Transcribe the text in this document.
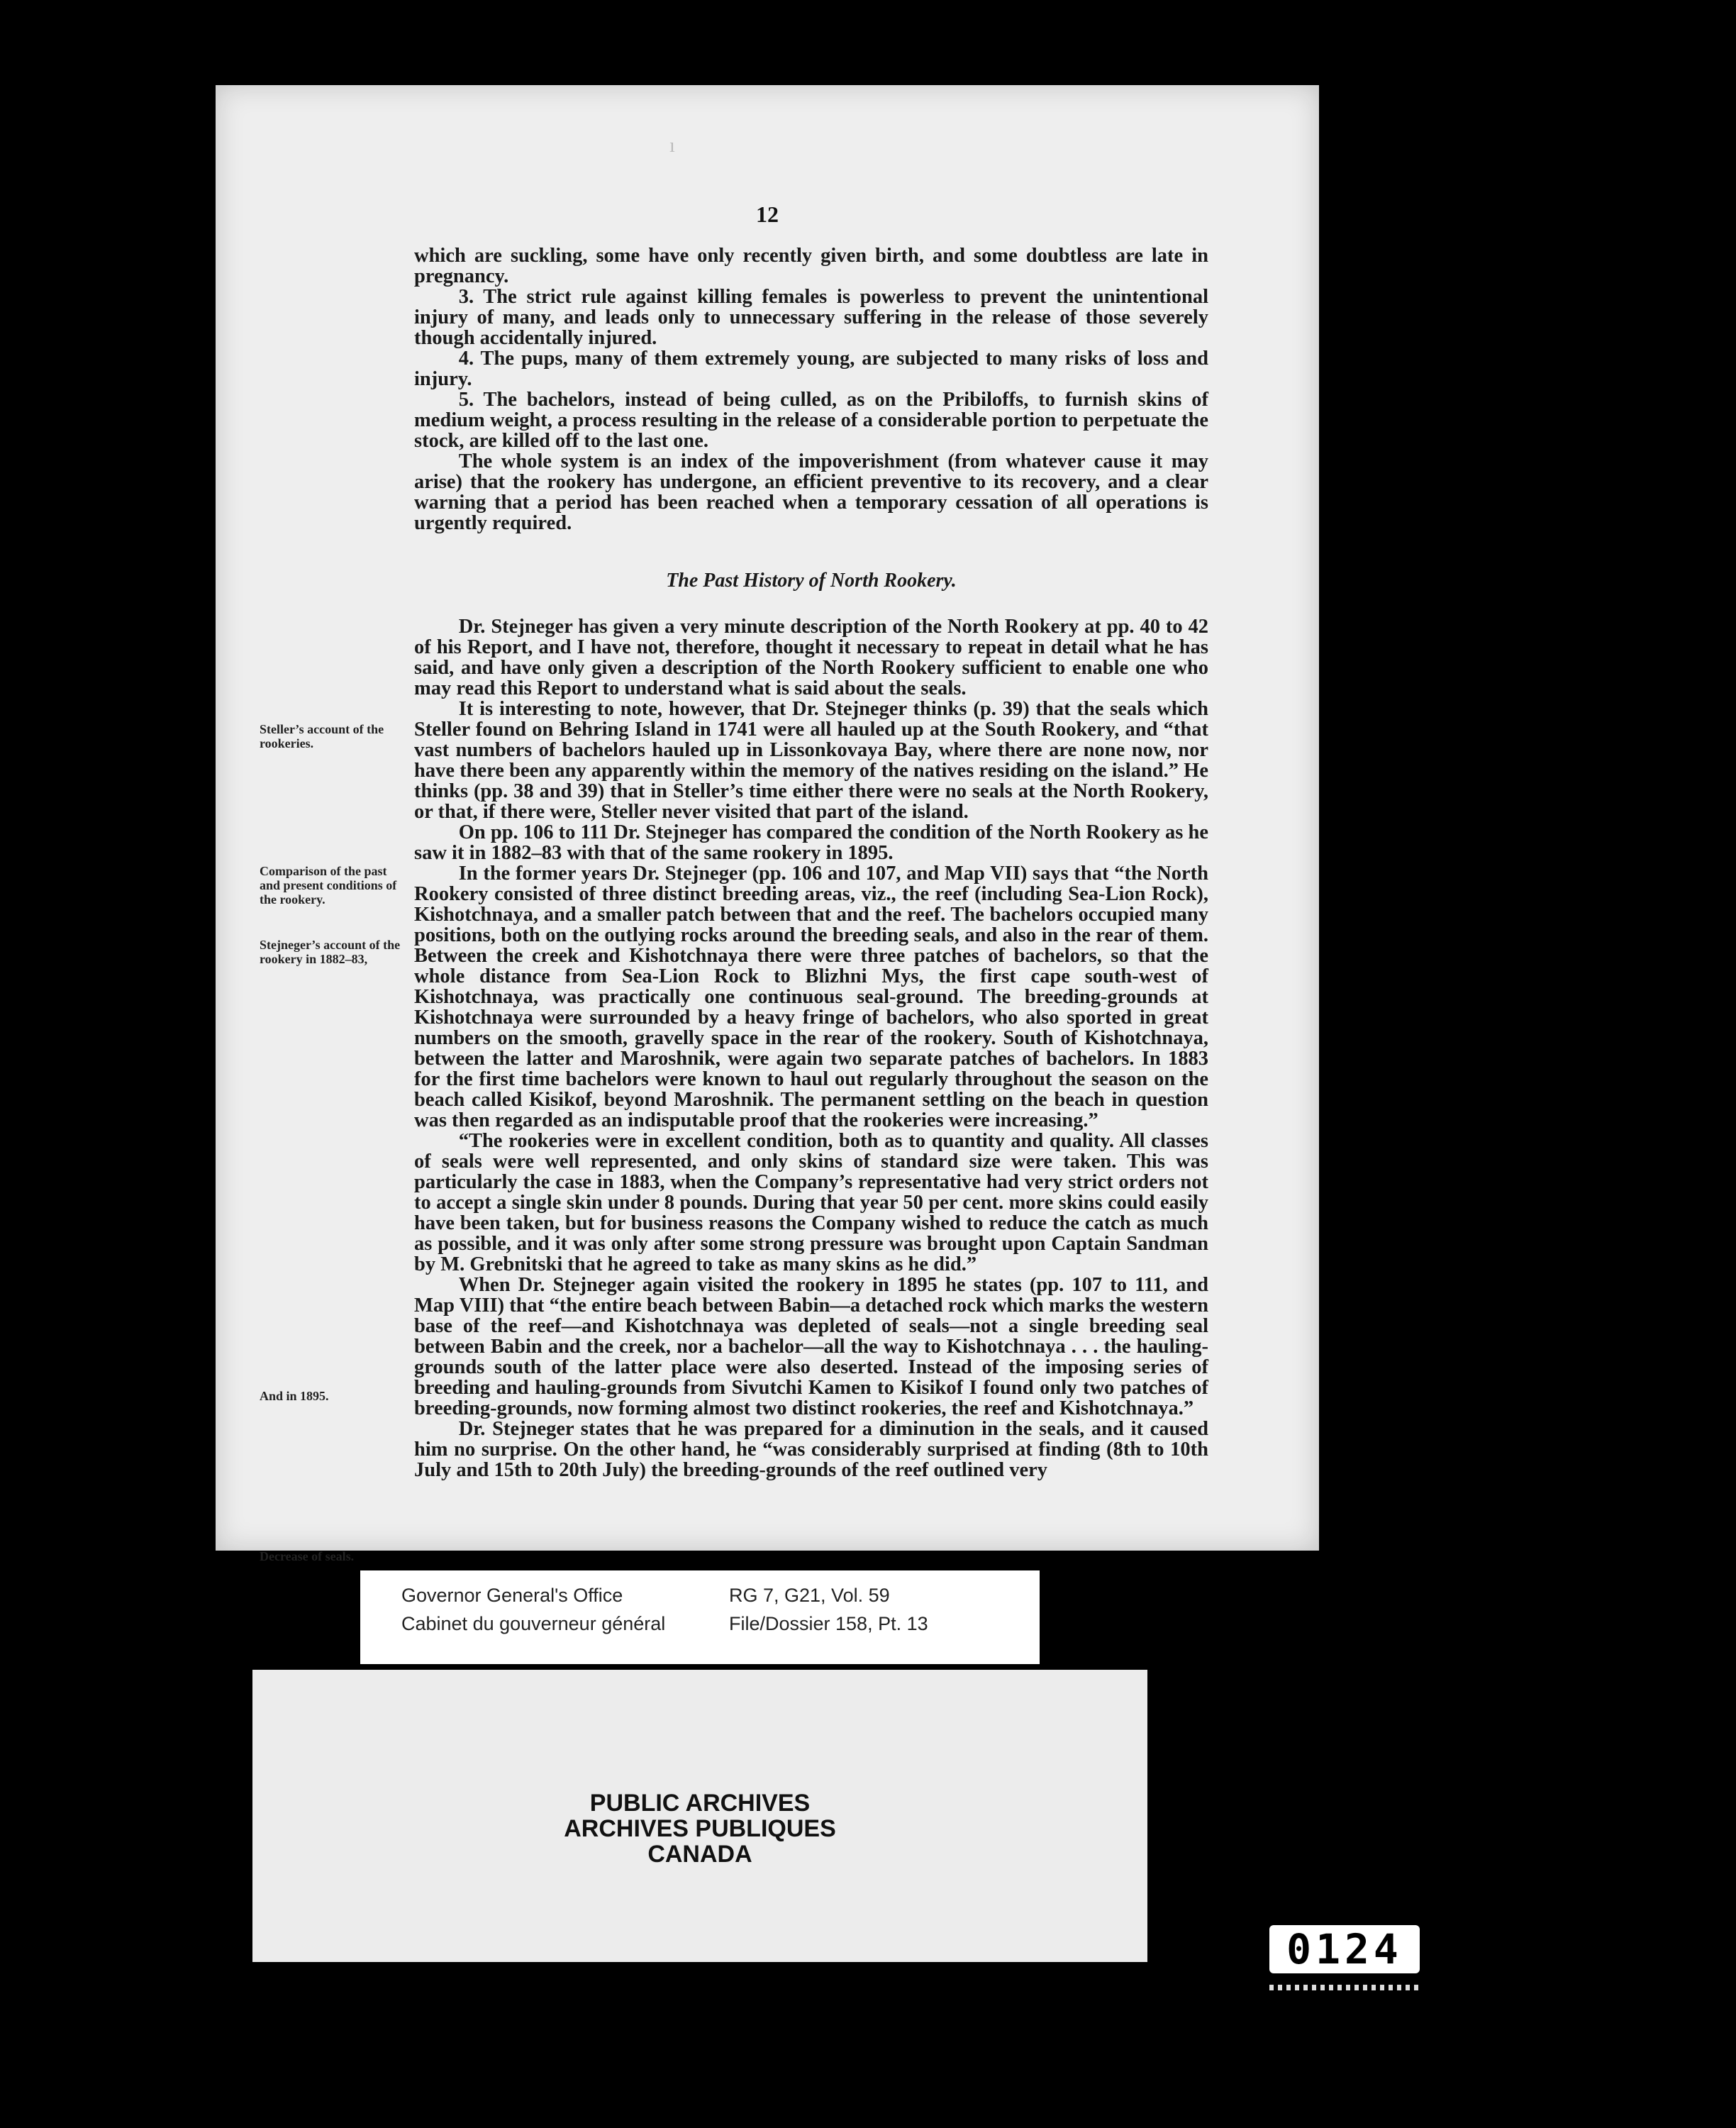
ı
12

which are suckling, some have only recently given birth, and some doubtless are late in pregnancy.

3. The strict rule against killing females is powerless to prevent the unintentional injury of many, and leads only to unnecessary suffering in the release of those severely though accidentally injured.

4. The pups, many of them extremely young, are subjected to many risks of loss and injury.

5. The bachelors, instead of being culled, as on the Pribiloffs, to furnish skins of medium weight, a process resulting in the release of a considerable portion to perpetuate the stock, are killed off to the last one.

The whole system is an index of the impoverishment (from whatever cause it may arise) that the rookery has undergone, an efficient preventive to its recovery, and a clear warning that a period has been reached when a temporary cessation of all operations is urgently required.

The Past History of North Rookery.

Dr. Stejneger has given a very minute description of the North Rookery at pp. 40 to 42 of his Report, and I have not, therefore, thought it necessary to repeat in detail what he has said, and have only given a description of the North Rookery sufficient to enable one who may read this Report to understand what is said about the seals.

It is interesting to note, however, that Dr. Stejneger thinks (p. 39) that the seals which Steller found on Behring Island in 1741 were all hauled up at the South Rookery, and “that vast numbers of bachelors hauled up in Lissonkovaya Bay, where there are none now, nor have there been any apparently within the memory of the natives residing on the island.” He thinks (pp. 38 and 39) that in Steller’s time either there were no seals at the North Rookery, or that, if there were, Steller never visited that part of the island.

On pp. 106 to 111 Dr. Stejneger has compared the condition of the North Rookery as he saw it in 1882–83 with that of the same rookery in 1895.

In the former years Dr. Stejneger (pp. 106 and 107, and Map VII) says that “the North Rookery consisted of three distinct breeding areas, viz., the reef (including Sea-Lion Rock), Kishotchnaya, and a smaller patch between that and the reef. The bachelors occupied many positions, both on the outlying rocks around the breeding seals, and also in the rear of them. Between the creek and Kishotchnaya there were three patches of bachelors, so that the whole distance from Sea-Lion Rock to Blizhni Mys, the first cape south-west of Kishotchnaya, was practically one continuous seal-ground. The breeding-grounds at Kishotchnaya were surrounded by a heavy fringe of bachelors, who also sported in great numbers on the smooth, gravelly space in the rear of the rookery. South of Kishotchnaya, between the latter and Maroshnik, were again two separate patches of bachelors. In 1883 for the first time bachelors were known to haul out regularly throughout the season on the beach called Kisikof, beyond Maroshnik. The permanent settling on the beach in question was then regarded as an indisputable proof that the rookeries were increasing.”

“The rookeries were in excellent condition, both as to quantity and quality. All classes of seals were well represented, and only skins of standard size were taken. This was particularly the case in 1883, when the Company’s representative had very strict orders not to accept a single skin under 8 pounds. During that year 50 per cent. more skins could easily have been taken, but for business reasons the Company wished to reduce the catch as much as possible, and it was only after some strong pressure was brought upon Captain Sandman by M. Grebnitski that he agreed to take as many skins as he did.”

When Dr. Stejneger again visited the rookery in 1895 he states (pp. 107 to 111, and Map VIII) that “the entire beach between Babin—a detached rock which marks the western base of the reef—and Kishotchnaya was depleted of seals—not a single breeding seal between Babin and the creek, nor a bachelor—all the way to Kishotchnaya . . . the hauling-grounds south of the latter place were also deserted. Instead of the imposing series of breeding and hauling-grounds from Sivutchi Kamen to Kisikof I found only two patches of breeding-grounds, now forming almost two distinct rookeries, the reef and Kishotchnaya.”

Dr. Stejneger states that he was prepared for a diminution in the seals, and it caused him no surprise. On the other hand, he “was considerably surprised at finding (8th to 10th July and 15th to 20th July) the breeding-grounds of the reef outlined very

Steller’s account of the rookeries.
Comparison of the past and present conditions of the rookery.
Stejneger’s account of the rookery in 1882–83,
And in 1895.
Decrease of seals.
PUBLIC ARCHIVES
ARCHIVES PUBLIQUES
CANADA
Governor General's Office
Cabinet du gouverneur général
RG 7, G21, Vol. 59
File/Dossier 158, Pt. 13
0124
